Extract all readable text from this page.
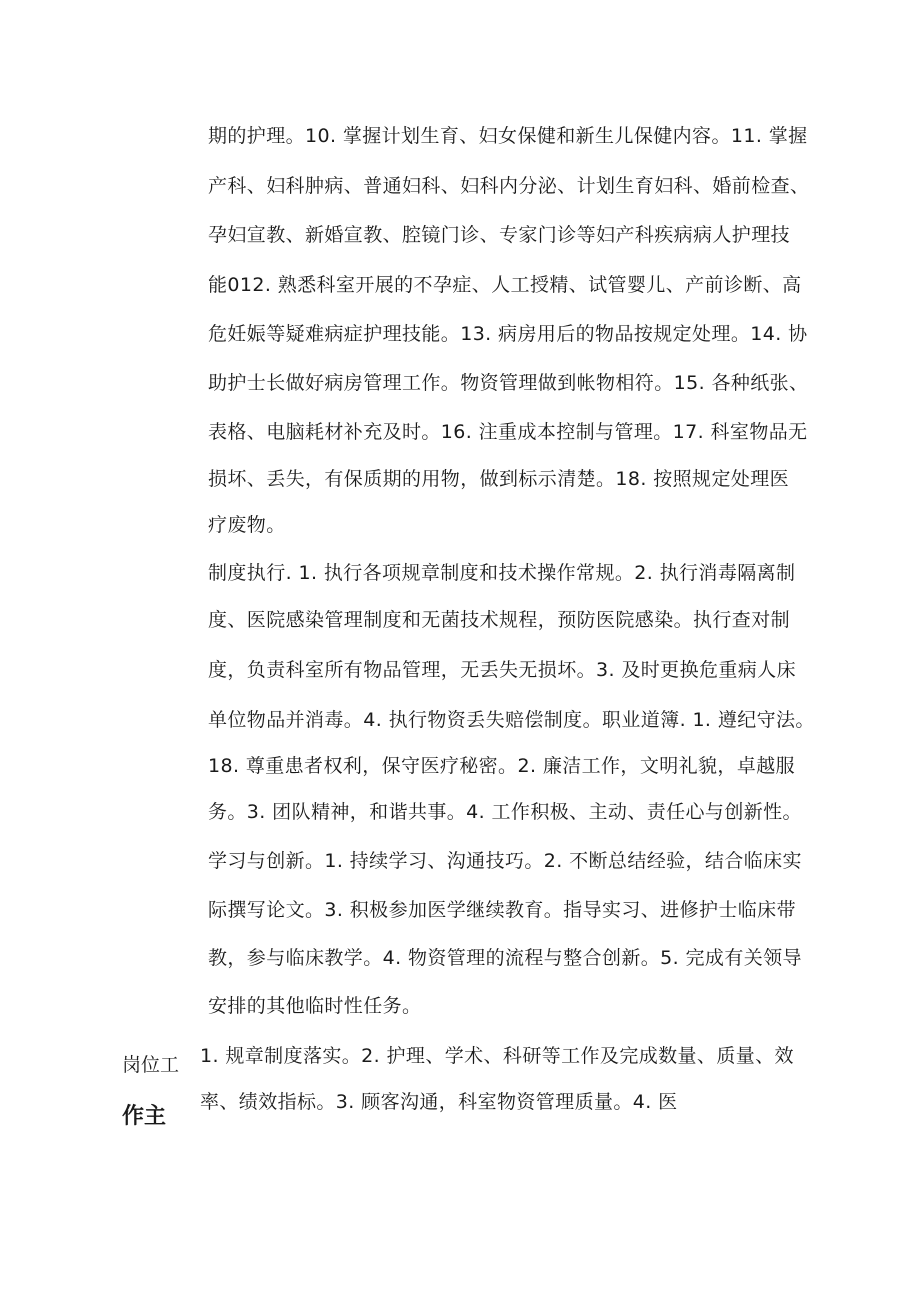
期的护理。10. 掌握计划生育、妇女保健和新生儿保健内容。11. 掌握
产科、妇科肿病、普通妇科、妇科内分泌、计划生育妇科、婚前检查、
孕妇宣教、新婚宣教、腔镜门诊、专家门诊等妇产科疾病病人护理技
能012. 熟悉科室开展的不孕症、人工授精、试管婴儿、产前诊断、高
危妊娠等疑难病症护理技能。13. 病房用后的物品按规定处理。14. 协
助护士长做好病房管理工作。物资管理做到帐物相符。15. 各种纸张、
表格、电脑耗材补充及时。16. 注重成本控制与管理。17. 科室物品无
损坏、丢失，有保质期的用物，做到标示清楚。18. 按照规定处理医
疗废物。
制度执行. 1. 执行各项规章制度和技术操作常规。2. 执行消毒隔离制
度、医院感染管理制度和无菌技术规程，预防医院感染。执行查对制
度，负责科室所有物品管理，无丢失无损坏。3. 及时更换危重病人床
单位物品并消毒。4. 执行物资丢失赔偿制度。职业道簿. 1. 遵纪守法。
18. 尊重患者权利，保守医疗秘密。2. 廉洁工作，文明礼貌，卓越服
务。3. 团队精神，和谐共事。4. 工作积极、主动、责任心与创新性。
学习与创新。1. 持续学习、沟通技巧。2. 不断总结经验，结合临床实
际撰写论文。3. 积极参加医学继续教育。指导实习、进修护士临床带
教，参与临床教学。4. 物资管理的流程与整合创新。5. 完成有关领导
安排的其他临时性任务。
岗位工
作主
1. 规章制度落实。2. 护理、学术、科研等工作及完成数量、质量、效
率、绩效指标。3. 顾客沟通，科室物资管理质量。4. 医
